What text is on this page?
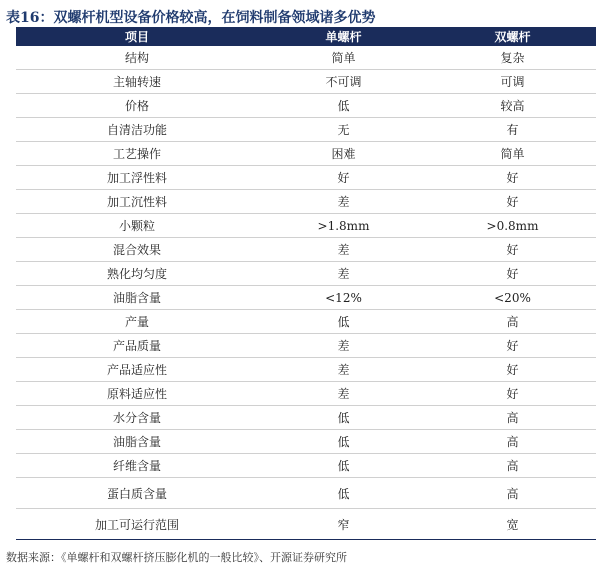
表16：双螺杆机型设备价格较高，在饲料制备领域诸多优势
项目	单螺杆	双螺杆
结构	简单	复杂
主轴转速	不可调	可调
价格	低	较高
自清洁功能	无	有
工艺操作	困难	简单
加工浮性料	好	好
加工沉性料	差	好
小颗粒	>1.8mm	>0.8mm
混合效果	差	好
熟化均匀度	差	好
油脂含量	<12%	<20%
产量	低	高
产品质量	差	好
产品适应性	差	好
原料适应性	差	好
水分含量	低	高
油脂含量	低	高
纤维含量	低	高
蛋白质含量	低	高
加工可运行范围	窄	宽
数据来源：《单螺杆和双螺杆挤压膨化机的一般比较》、开源证券研究所
